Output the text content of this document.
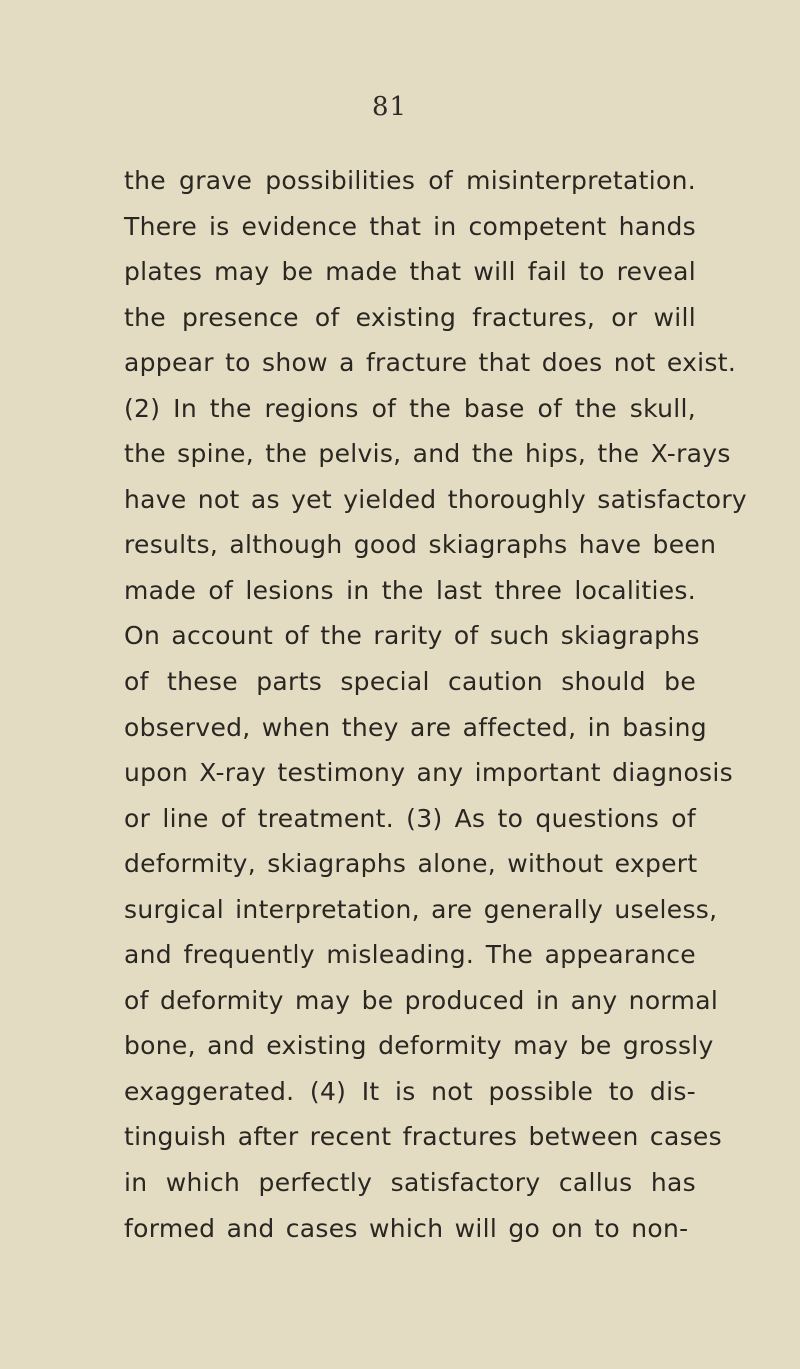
81
the grave possibilities of misinterpretation.
There is evidence that in competent hands
plates may be made that will fail to reveal
the presence of existing fractures, or will
appear to show a fracture that does not exist.
(2) In the regions of the base of the skull,
the spine, the pelvis, and the hips, the X-rays
have not as yet yielded thoroughly satisfactory
results, although good skiagraphs have been
made of lesions in the last three localities.
On account of the rarity of such skiagraphs
of these parts special caution should be
observed, when they are affected, in basing
upon X-ray testimony any important diagnosis
or line of treatment. (3) As to questions of
deformity, skiagraphs alone, without expert
surgical interpretation, are generally useless,
and frequently misleading. The appearance
of deformity may be produced in any normal
bone, and existing deformity may be grossly
exaggerated. (4) It is not possible to dis-
tinguish after recent fractures between cases
in which perfectly satisfactory callus has
formed and cases which will go on to non-
